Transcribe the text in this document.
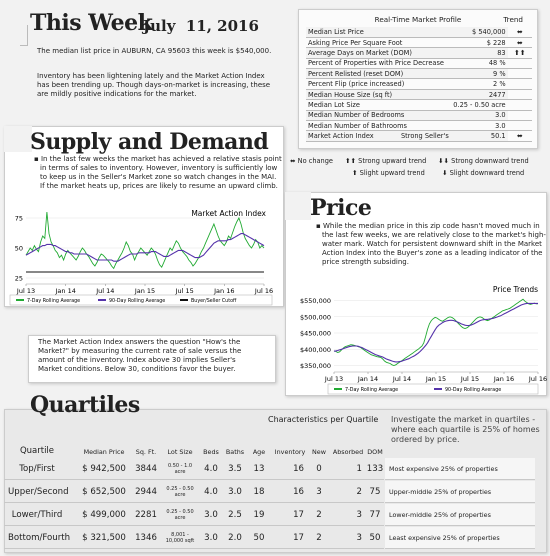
This Week
July  11, 2016
The median list price in AUBURN, CA 95603 this week is $540,000.
Inventory has been lightening lately and the Market Action Index
has been trending up. Though days-on-market is increasing, these
are mildly positive indications for the market.
Real-Time Market Profile	Trend
Median List Price	$ 540,000	⬌
Asking Price Per Square Foot	$ 228	⬌
Average Days on Market (DOM)	83	⬆⬆
Percent of Properties with Price Decrease	48 %	
Percent Relisted (reset DOM)	9 %	
Percent Flip (price increased)	2 %	
Median House Size (sq ft)	2477	
Median Lot Size	0.25 - 0.50 acre	
Median Number of Bedrooms	3.0	
Median Number of Bathrooms	3.0	
Market Action Index Strong Seller's	50.1	⬌
⬌ No change ⬆⬆ Strong upward trend ⬇⬇ Strong downward trend
⬆ Slight upward trend	⬇ Slight downward trend
Supply and Demand
▪ In the last few weeks the market has achieved a relative stasis point
in terms of sales to inventory. However, inventory is sufficiently low
to keep us in the Seller's Market zone so watch changes in the MAI.
If the market heats up, prices are likely to resume an upward climb.
Market Action Index
25
50
75
Jul 13	Jan 14	Jul 14	Jan 15	Jul 15	Jan 16	Jul 16
7-Day Rolling Average	90-Day Rolling Average	Buyer/Seller Cutoff
The Market Action Index answers the question "How's the
Market?" by measuring the current rate of sale versus the
amount of the inventory. Index above 30 implies Seller's
Market conditions. Below 30, conditions favor the buyer.
Price
▪ While the median price in this zip code hasn't moved much in
the last few weeks, we are relatively close to the market's high-
water mark. Watch for persistent downward shift in the Market
Action Index into the Buyer's zone as a leading indicator of the
price strength subsiding.
Price Trends
$350,000
$400,000
$450,000
$500,000
$550,000
Jul 13 Jan 14 Jul 14 Jan 15 Jul 15 Jan 16 Jul 16
7-Day Rolling Average	90-Day Rolling Average
Quartiles
Characteristics per Quartile Investigate the market in quartiles -
where each quartile is 25% of homes
ordered by price.
Quartile	Median Price	Sq. Ft.	Lot Size	Beds	Baths	Age	Inventory	New	Absorbed DOM
Top/First	$ 942,500	3844	0.50 - 1.0
acre	4.0	3.5	13	16	0	1 133 Most expensive 25% of properties
Upper/Second	$ 652,500	2944	0.25 - 0.50
acre	4.0	3.0	18	16	3	2 75	Upper-middle 25% of properties
Lower/Third	$ 499,000	2281	0.25 - 0.50
acre	3.0	2.5	19	17	2	3 77	Lower-middle 25% of properties
Bottom/Fourth	$ 321,500	1346	8,001 -
10,000 sqft	3.0	2.0	50	17	2	3 50	Least expensive 25% of properties
